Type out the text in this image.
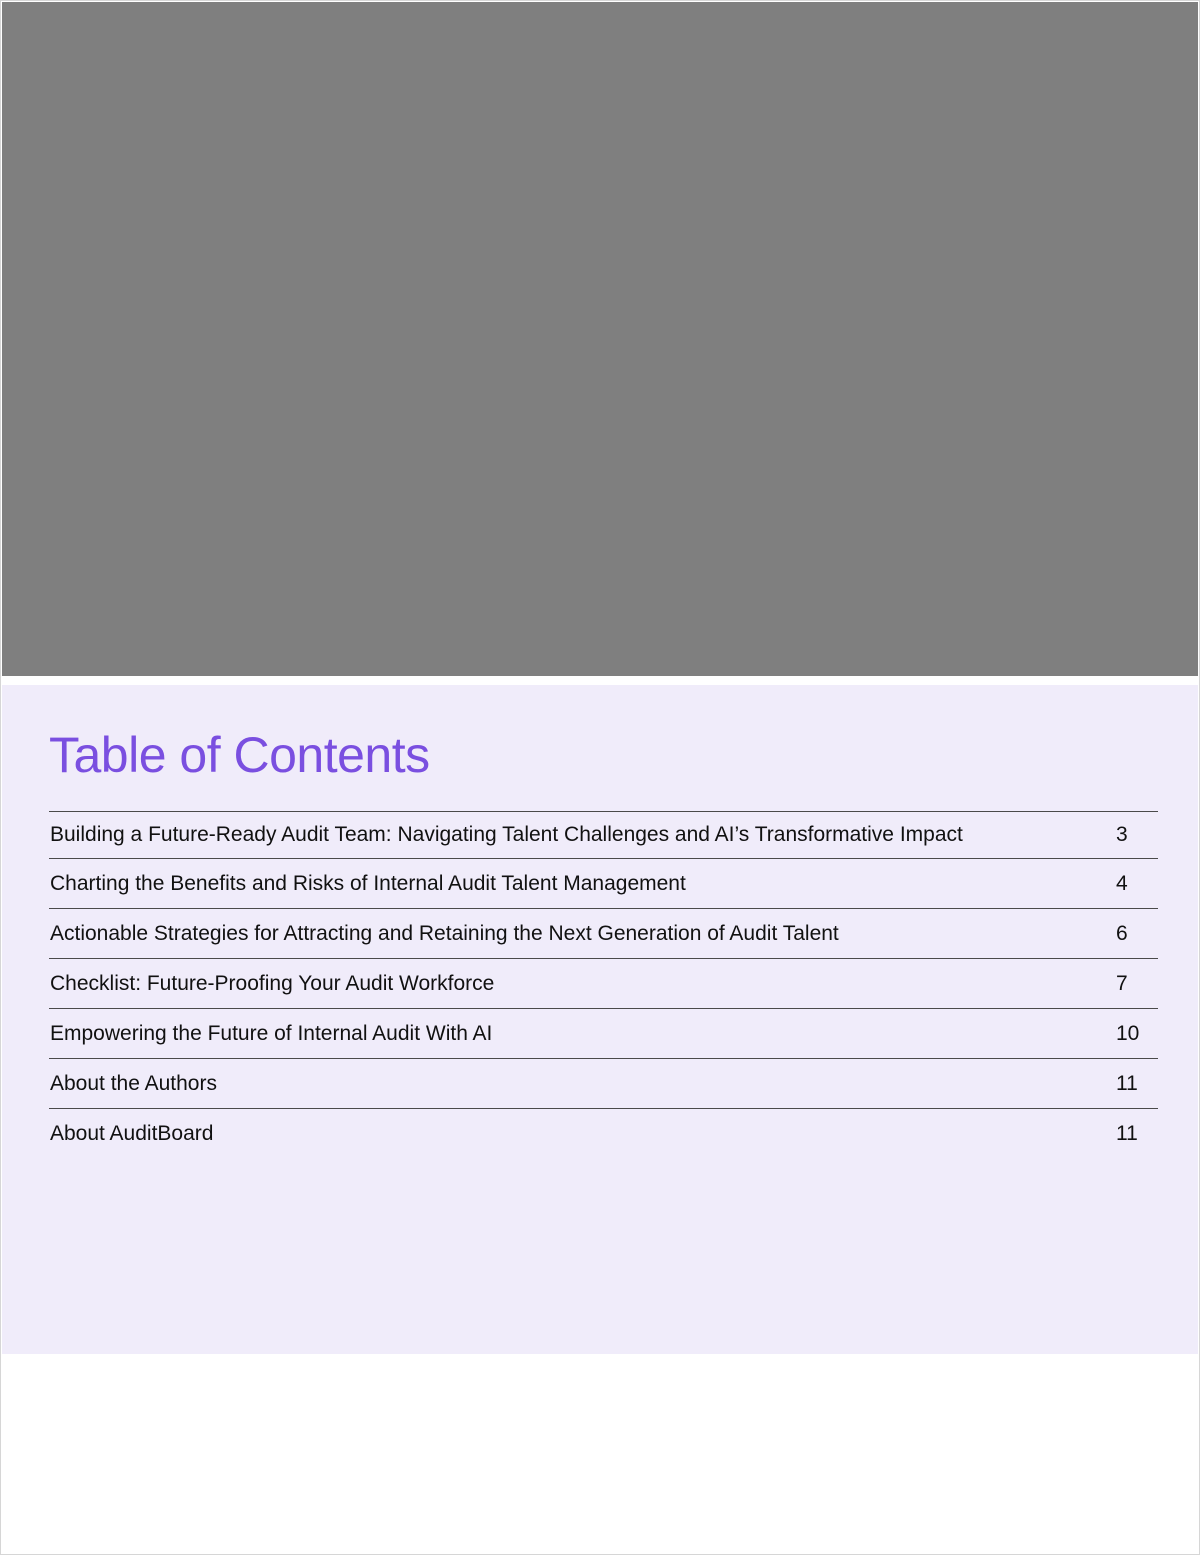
Table of Contents
Building a Future-Ready Audit Team: Navigating Talent Challenges and AI’s Transformative Impact	3
Charting the Benefits and Risks of Internal Audit Talent Management	4
Actionable Strategies for Attracting and Retaining the Next Generation of Audit Talent	6
Checklist: Future-Proofing Your Audit Workforce	7
Empowering the Future of Internal Audit With AI	10
About the Authors	11
About AuditBoard	11
